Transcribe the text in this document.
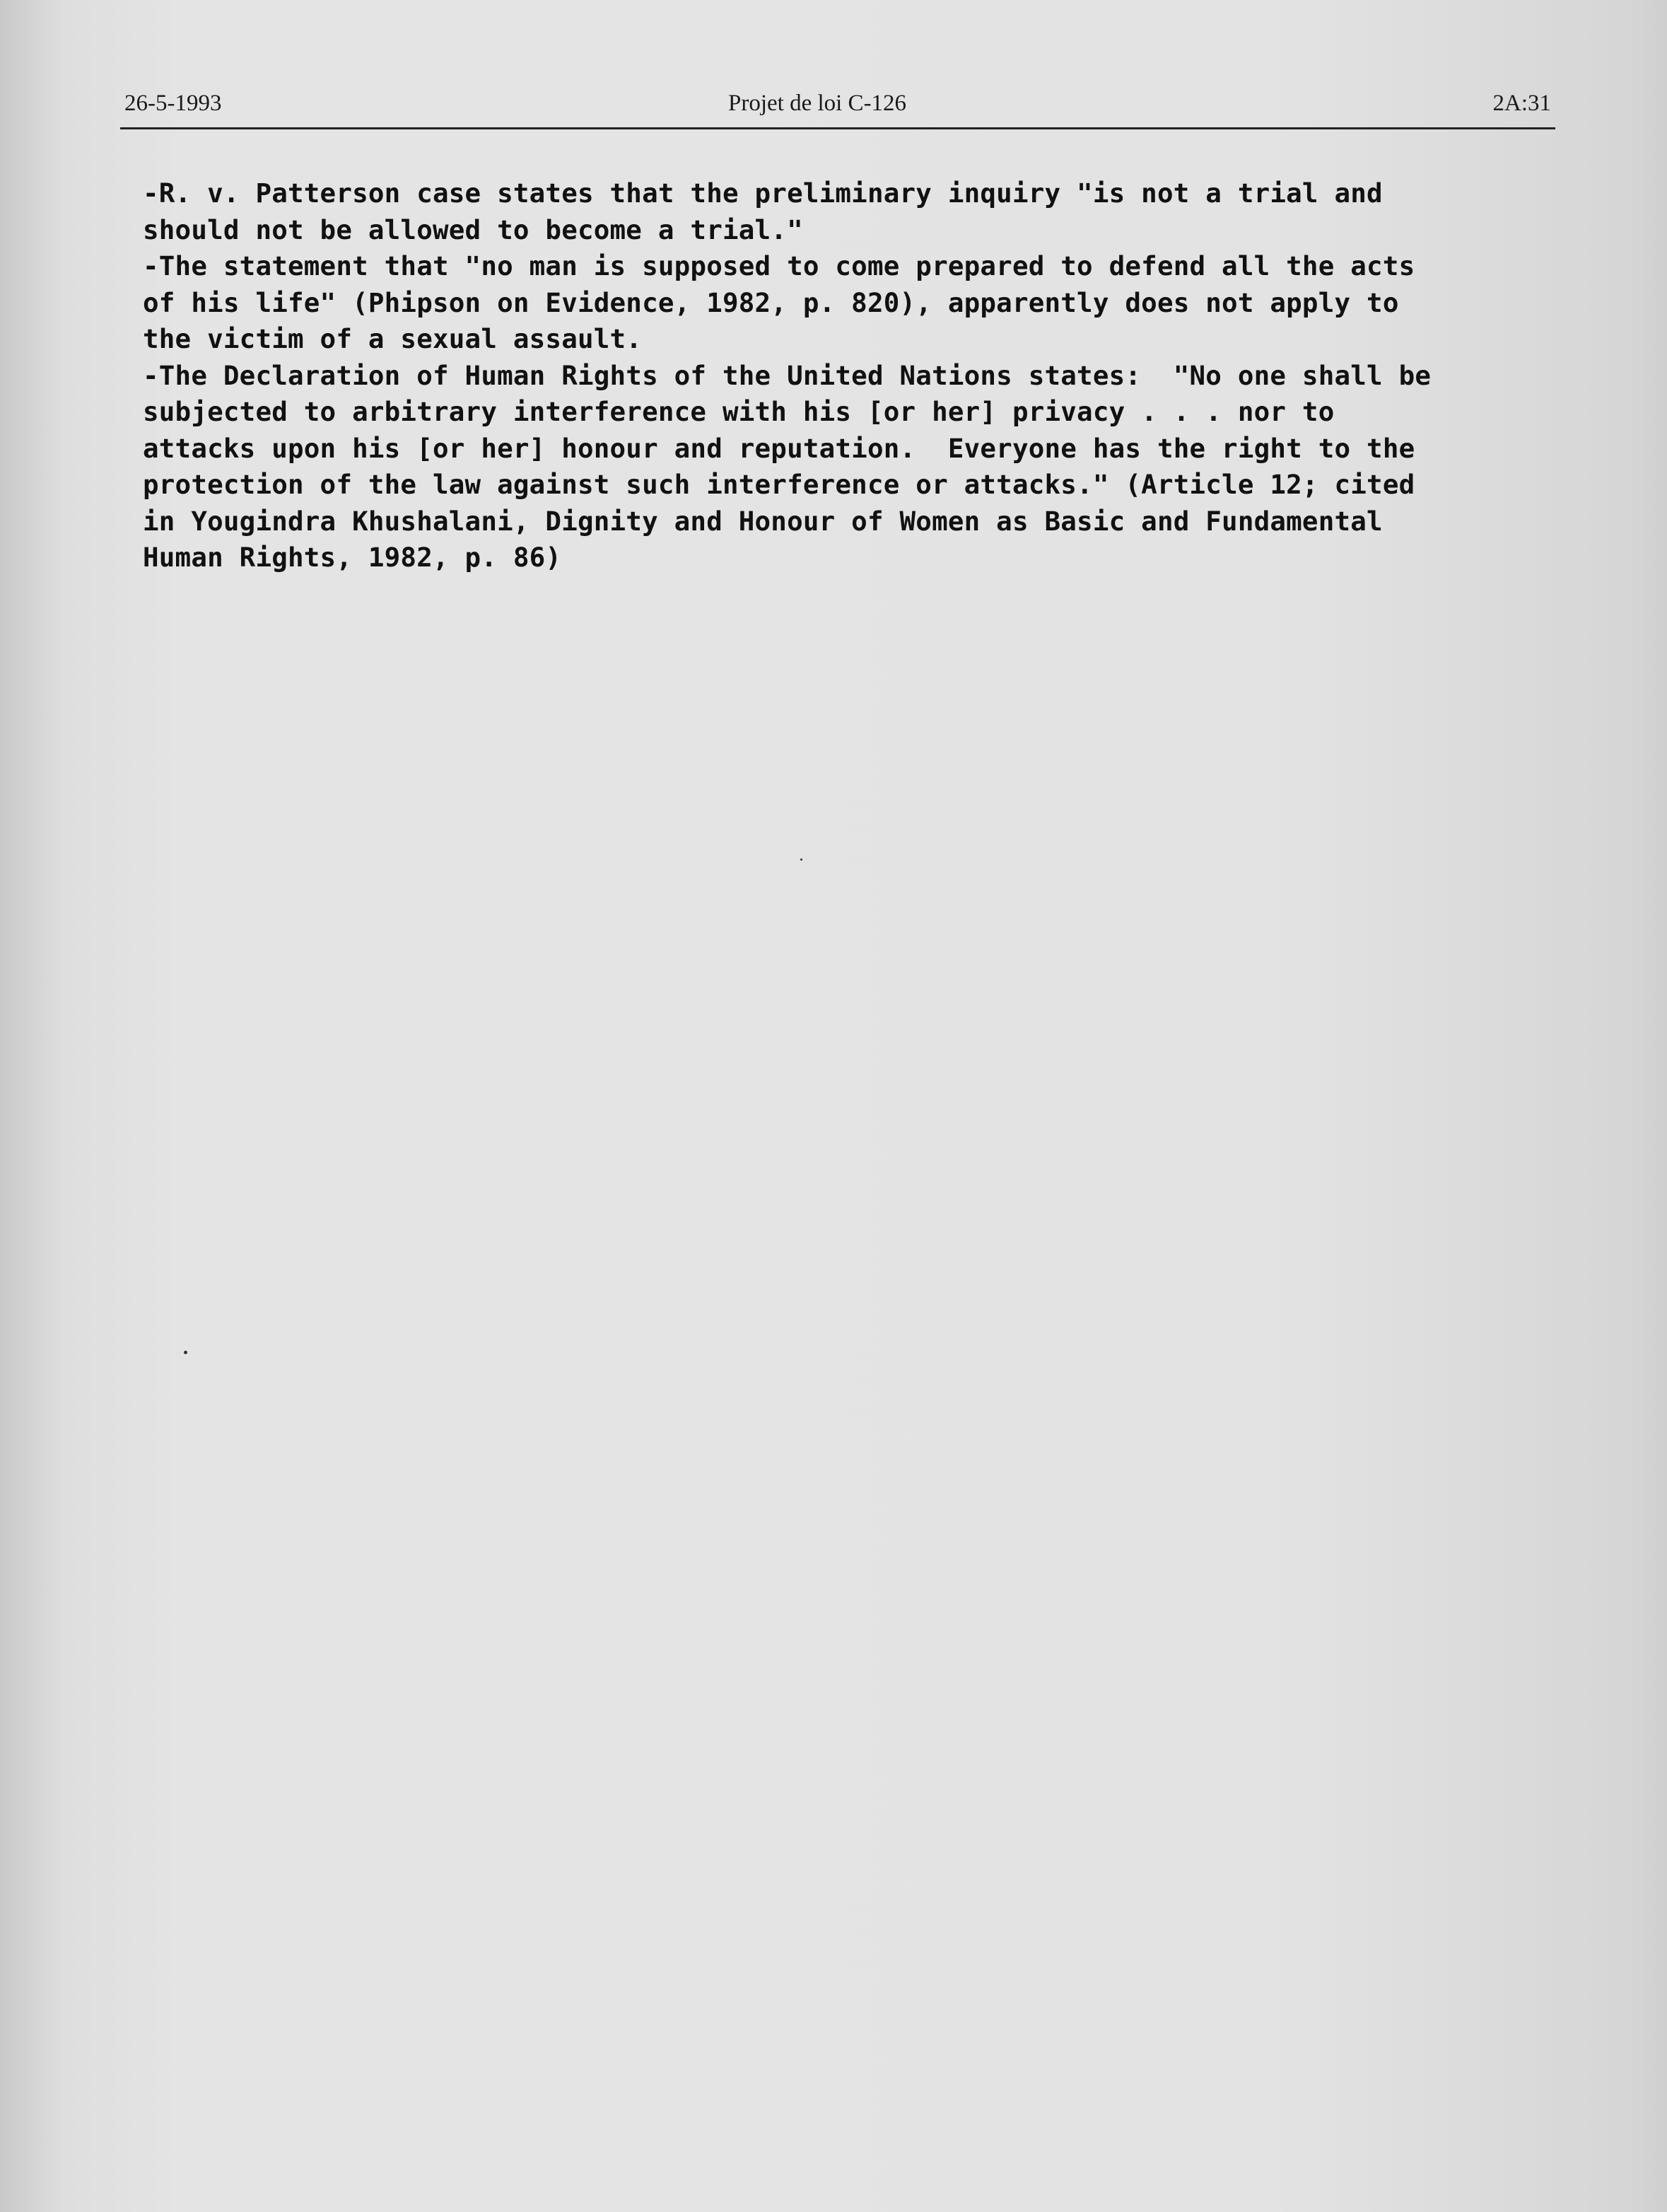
26-5-1993	Projet de loi C-126	2A:31

-R. v. Patterson case states that the preliminary inquiry "is not a trial and
should not be allowed to become a trial."

-The statement that "no man is supposed to come prepared to defend all the acts
of his life" (Phipson on Evidence, 1982, p. 820), apparently does not apply to
the victim of a sexual assault.

-The Declaration of Human Rights of the United Nations states:  "No one shall be
subjected to arbitrary interference with his [or her] privacy . . . nor to
attacks upon his [or her] honour and reputation.  Everyone has the right to the
protection of the law against such interference or attacks." (Article 12; cited
in Yougindra Khushalani, Dignity and Honour of Women as Basic and Fundamental
Human Rights, 1982, p. 86)
